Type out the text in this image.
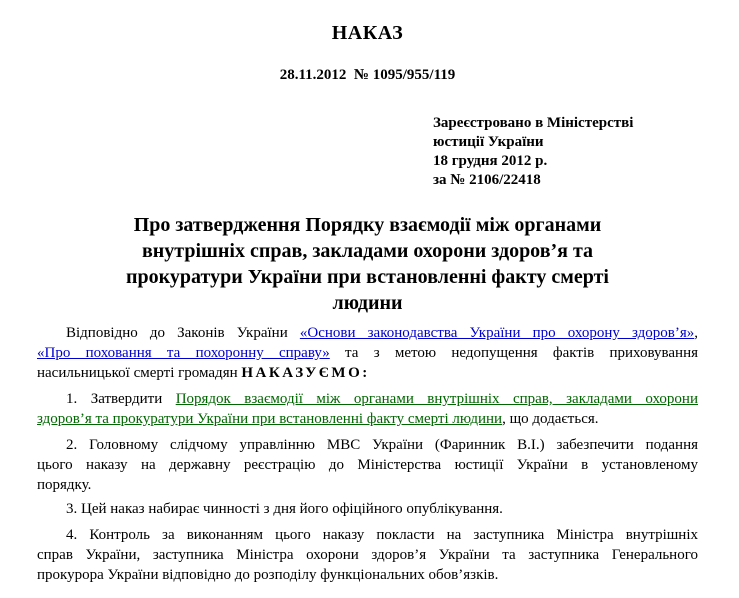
НАКАЗ
28.11.2012  № 1095/955/119
Зареєстровано в Міністерстві
юстиції України
18 грудня 2012 р.
за № 2106/22418
Про затвердження Порядку взаємодії між органами
внутрішніх справ, закладами охорони здоров’я та
прокуратури України при встановленні факту смерті
людини
Відповідно до Законів України «Основи законодавства України про охорону здоров’я»,
«Про поховання та похоронну справу» та з метою недопущення фактів приховування
насильницької смерті громадян НАКАЗУЄМО:
1. Затвердити Порядок взаємодії між органами внутрішніх справ, закладами охорони
здоров’я та прокуратури України при встановленні факту смерті людини, що додається.
2. Головному слідчому управлінню МВС України (Фаринник В.І.) забезпечити подання
цього наказу на державну реєстрацію до Міністерства юстиції України в установленому
порядку.
3. Цей наказ набирає чинності з дня його офіційного опублікування.
4. Контроль за виконанням цього наказу покласти на заступника Міністра внутрішніх
справ України, заступника Міністра охорони здоров’я України та заступника Генерального
прокурора України відповідно до розподілу функціональних обов’язків.
